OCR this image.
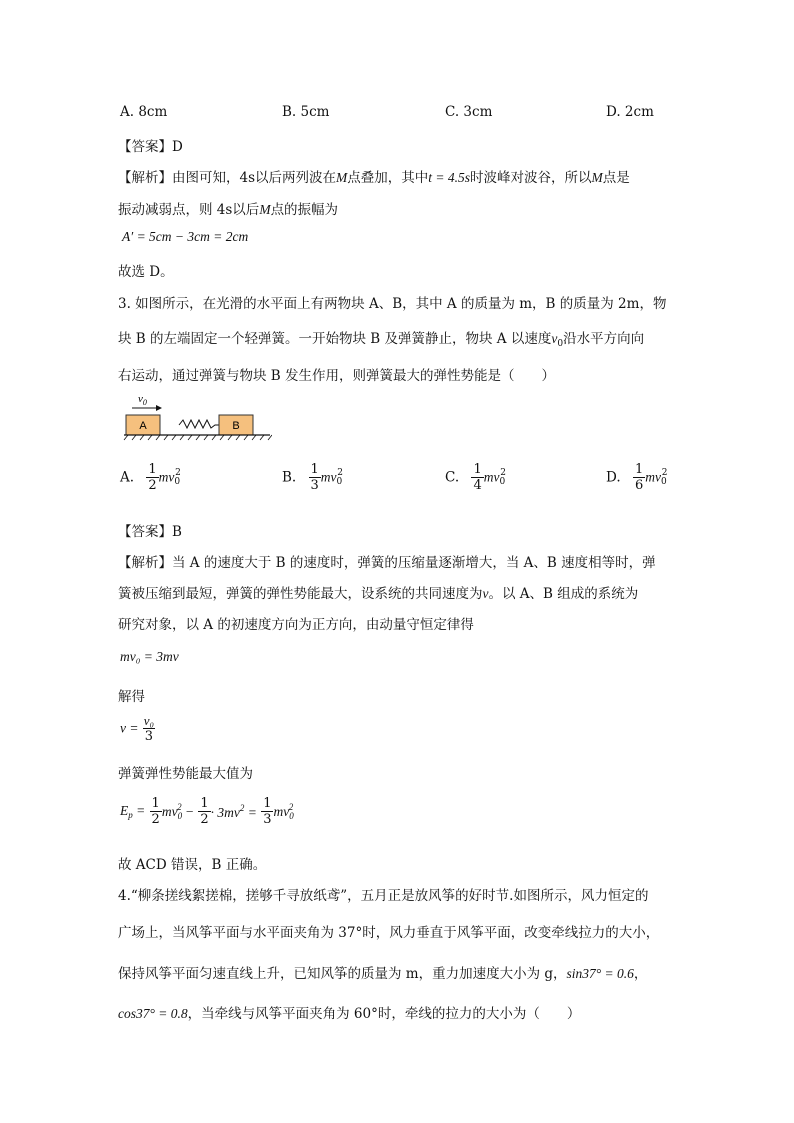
A. 8cm	B. 5cm	C. 3cm	D. 2cm
【答案】D
【解析】由图可知，4s以后两列波在M点叠加，其中t = 4.5s时波峰对波谷，所以M点是
振动减弱点，则 4s以后M点的振幅为
A′ = 5cm − 3cm = 2cm
故选 D。
3. 如图所示，在光滑的水平面上有两物块 A、B，其中 A 的质量为 m，B 的质量为 2m，物
块 B 的左端固定一个轻弹簧。一开始物块 B 及弹簧静止，物块 A 以速度$v_0$沿水平方向向
右运动，通过弹簧与物块 B 发生作用，则弹簧最大的弹性势能是（　　）
$v_0$
A	B
A. $\frac{1}{2} mv_0^2$	B. $\frac{1}{3} mv_0^2$	C. $\frac{1}{4} mv_0^2$	D. $\frac{1}{6} mv_0^2$
【答案】B
【解析】当 A 的速度大于 B 的速度时，弹簧的压缩量逐渐增大，当 A、B 速度相等时，弹
簧被压缩到最短，弹簧的弹性势能最大，设系统的共同速度为v。以 A、B 组成的系统为
研究对象，以 A 的初速度方向为正方向，由动量守恒定律得
mv₀ = 3mv
解得
$v = \frac{\text{v₀}}{3}$
弹簧弹性势能最大值为
$E_p = \frac{1}{2} mv_0^2 - \frac{1}{2} \cdot 3mv^2 = \frac{1}{3} mv_0^2$
故 ACD 错误，B 正确。
4.“柳条搓线絮搓棉，搓够千寻放纸鸢”，五月正是放风筝的好时节.如图所示，风力恒定的
广场上，当风筝平面与水平面夹角为 37°时，风力垂直于风筝平面，改变牵线拉力的大小，
保持风筝平面匀速直线上升，已知风筝的质量为 m，重力加速度大小为 g，sin37° = 0.6，
cos37° = 0.8，当牵线与风筝平面夹角为 60°时，牵线的拉力的大小为（　　）
